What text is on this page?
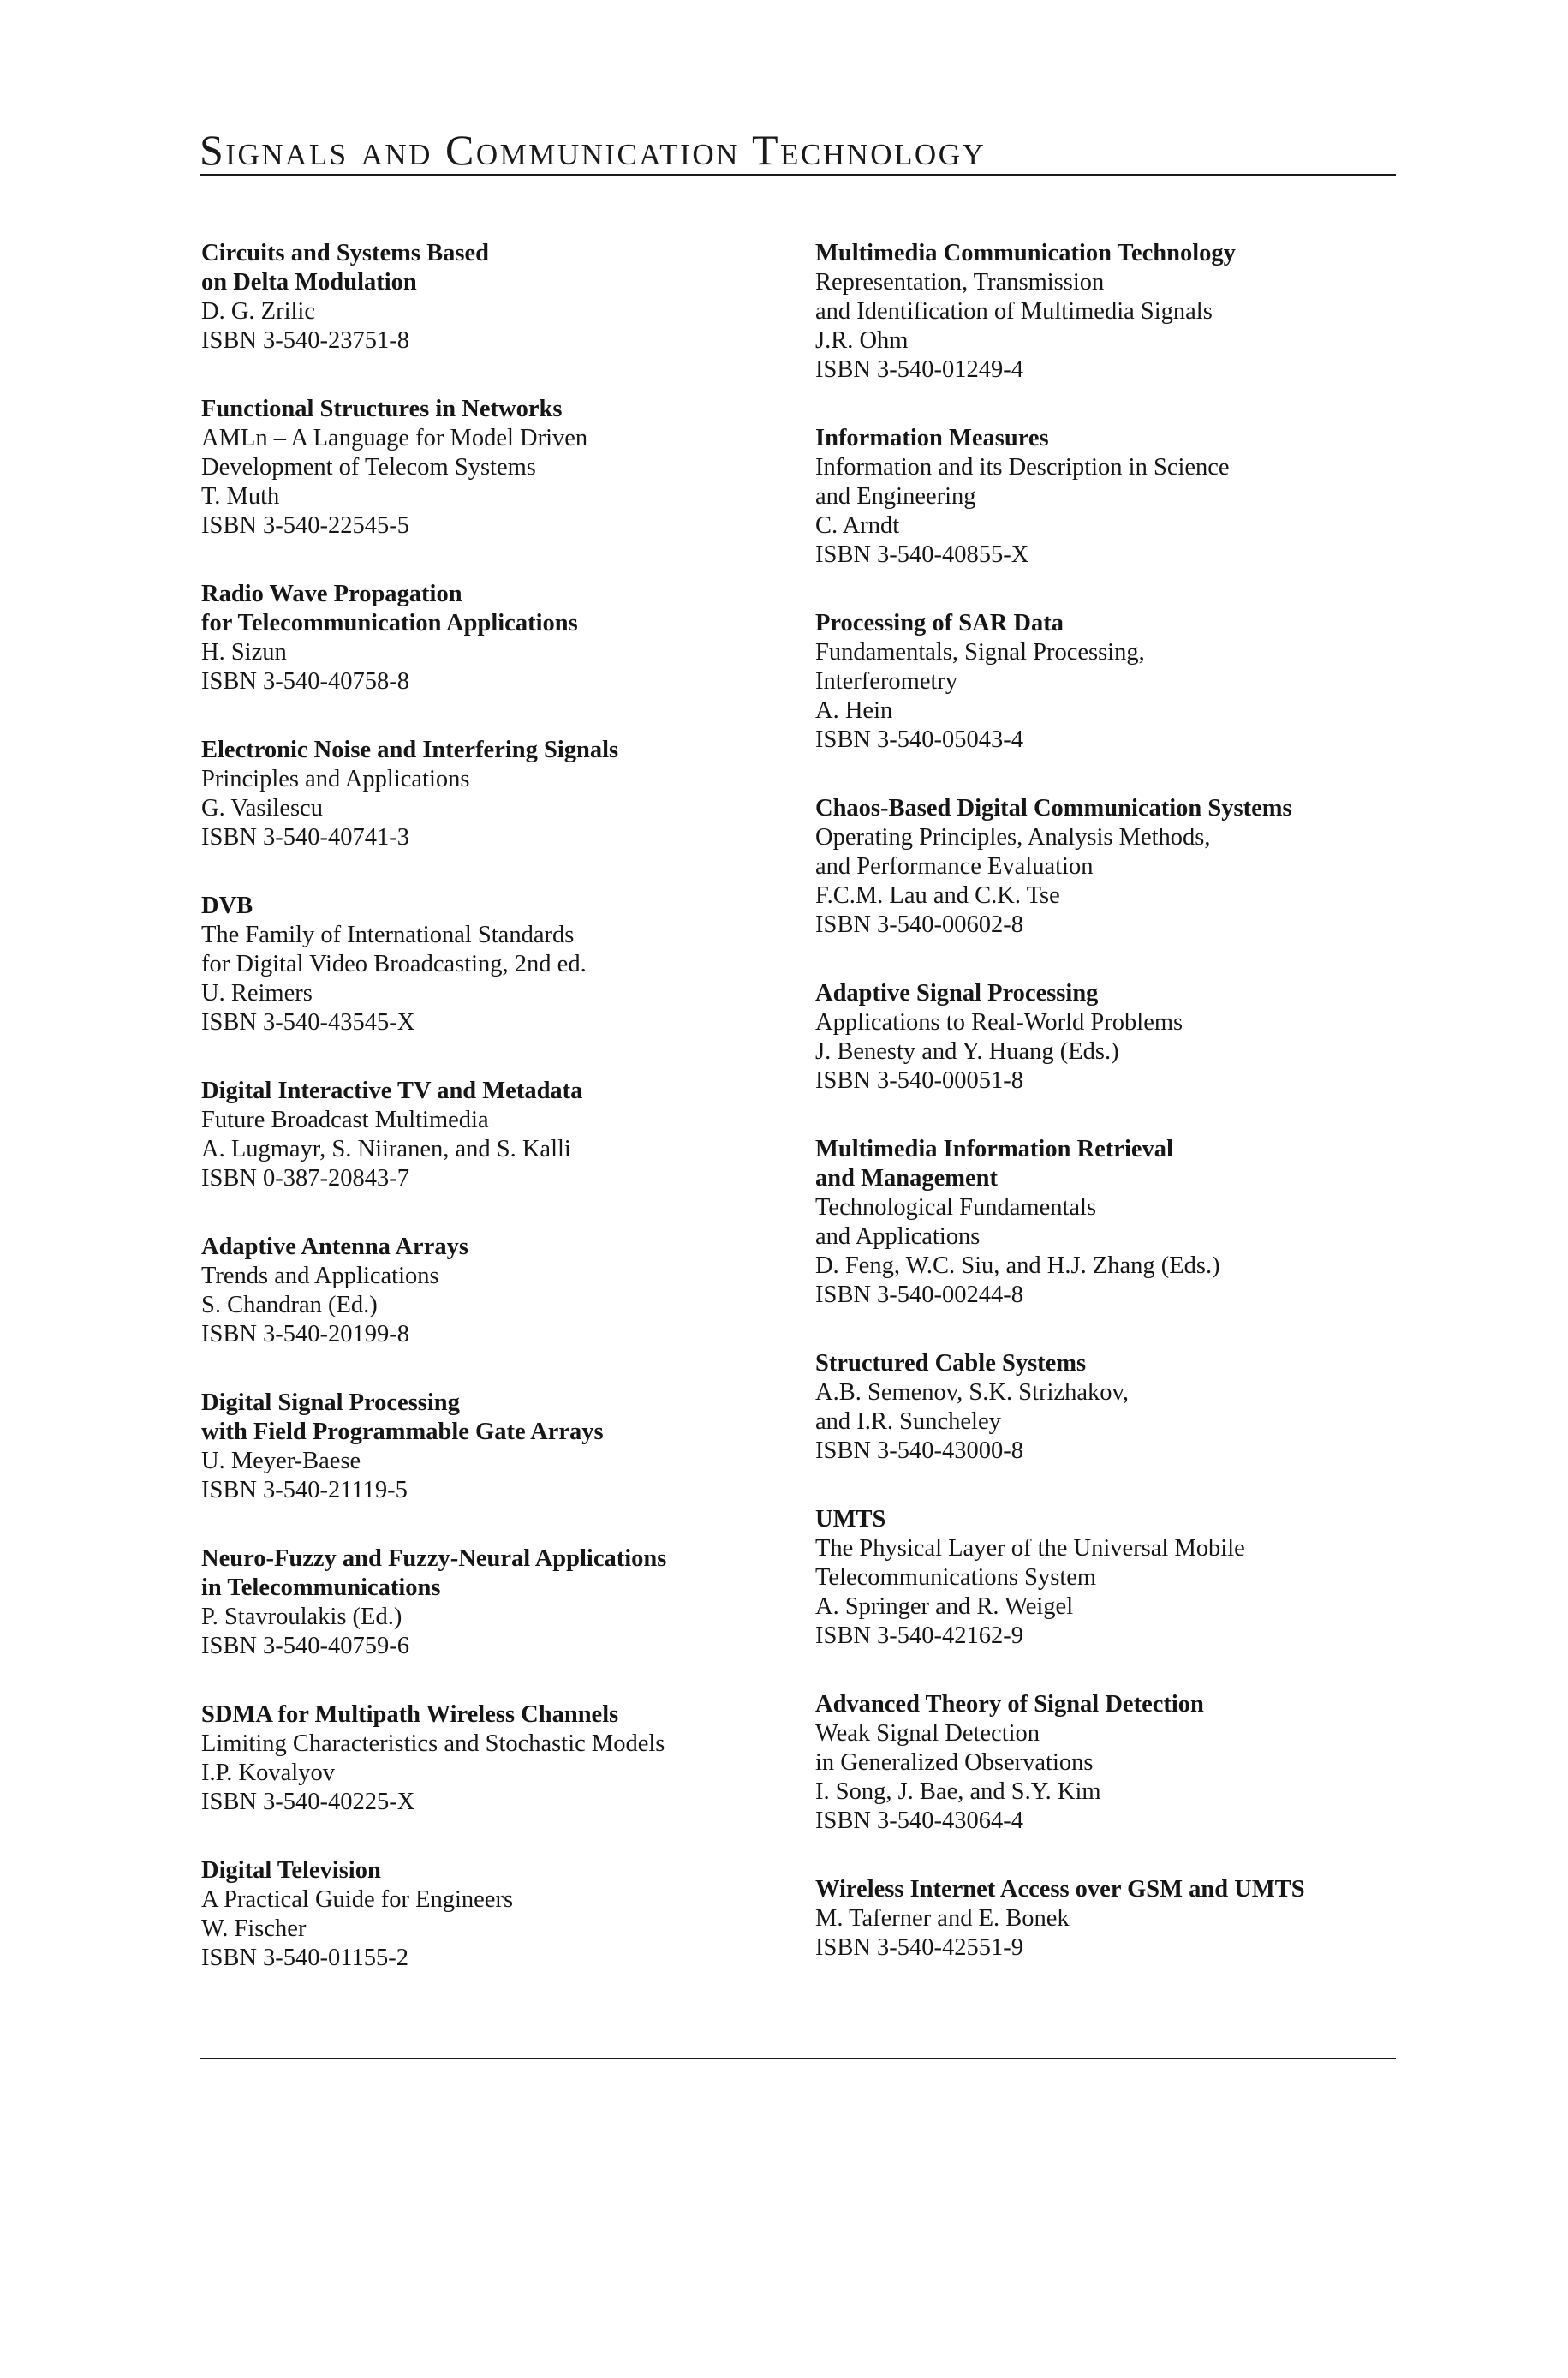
Signals and Communication Technology
Circuits and Systems Based
on Delta Modulation
D. G. Zrilic
ISBN 3-540-23751-8
Functional Structures in Networks
AMLn – A Language for Model Driven
Development of Telecom Systems
T. Muth
ISBN 3-540-22545-5
Radio Wave Propagation
for Telecommunication Applications
H. Sizun
ISBN 3-540-40758-8
Electronic Noise and Interfering Signals
Principles and Applications
G. Vasilescu
ISBN 3-540-40741-3
DVB
The Family of International Standards
for Digital Video Broadcasting, 2nd ed.
U. Reimers
ISBN 3-540-43545-X
Digital Interactive TV and Metadata
Future Broadcast Multimedia
A. Lugmayr, S. Niiranen, and S. Kalli
ISBN 0-387-20843-7
Adaptive Antenna Arrays
Trends and Applications
S. Chandran (Ed.)
ISBN 3-540-20199-8
Digital Signal Processing
with Field Programmable Gate Arrays
U. Meyer-Baese
ISBN 3-540-21119-5
Neuro-Fuzzy and Fuzzy-Neural Applications
in Telecommunications
P. Stavroulakis (Ed.)
ISBN 3-540-40759-6
SDMA for Multipath Wireless Channels
Limiting Characteristics and Stochastic Models
I.P. Kovalyov
ISBN 3-540-40225-X
Digital Television
A Practical Guide for Engineers
W. Fischer
ISBN 3-540-01155-2
Multimedia Communication Technology
Representation, Transmission
and Identification of Multimedia Signals
J.R. Ohm
ISBN 3-540-01249-4
Information Measures
Information and its Description in Science
and Engineering
C. Arndt
ISBN 3-540-40855-X
Processing of SAR Data
Fundamentals, Signal Processing,
Interferometry
A. Hein
ISBN 3-540-05043-4
Chaos-Based Digital Communication Systems
Operating Principles, Analysis Methods,
and Performance Evaluation
F.C.M. Lau and C.K. Tse
ISBN 3-540-00602-8
Adaptive Signal Processing
Applications to Real-World Problems
J. Benesty and Y. Huang (Eds.)
ISBN 3-540-00051-8
Multimedia Information Retrieval
and Management
Technological Fundamentals
and Applications
D. Feng, W.C. Siu, and H.J. Zhang (Eds.)
ISBN 3-540-00244-8
Structured Cable Systems
A.B. Semenov, S.K. Strizhakov,
and I.R. Suncheley
ISBN 3-540-43000-8
UMTS
The Physical Layer of the Universal Mobile
Telecommunications System
A. Springer and R. Weigel
ISBN 3-540-42162-9
Advanced Theory of Signal Detection
Weak Signal Detection
in Generalized Observations
I. Song, J. Bae, and S.Y. Kim
ISBN 3-540-43064-4
Wireless Internet Access over GSM and UMTS
M. Taferner and E. Bonek
ISBN 3-540-42551-9
